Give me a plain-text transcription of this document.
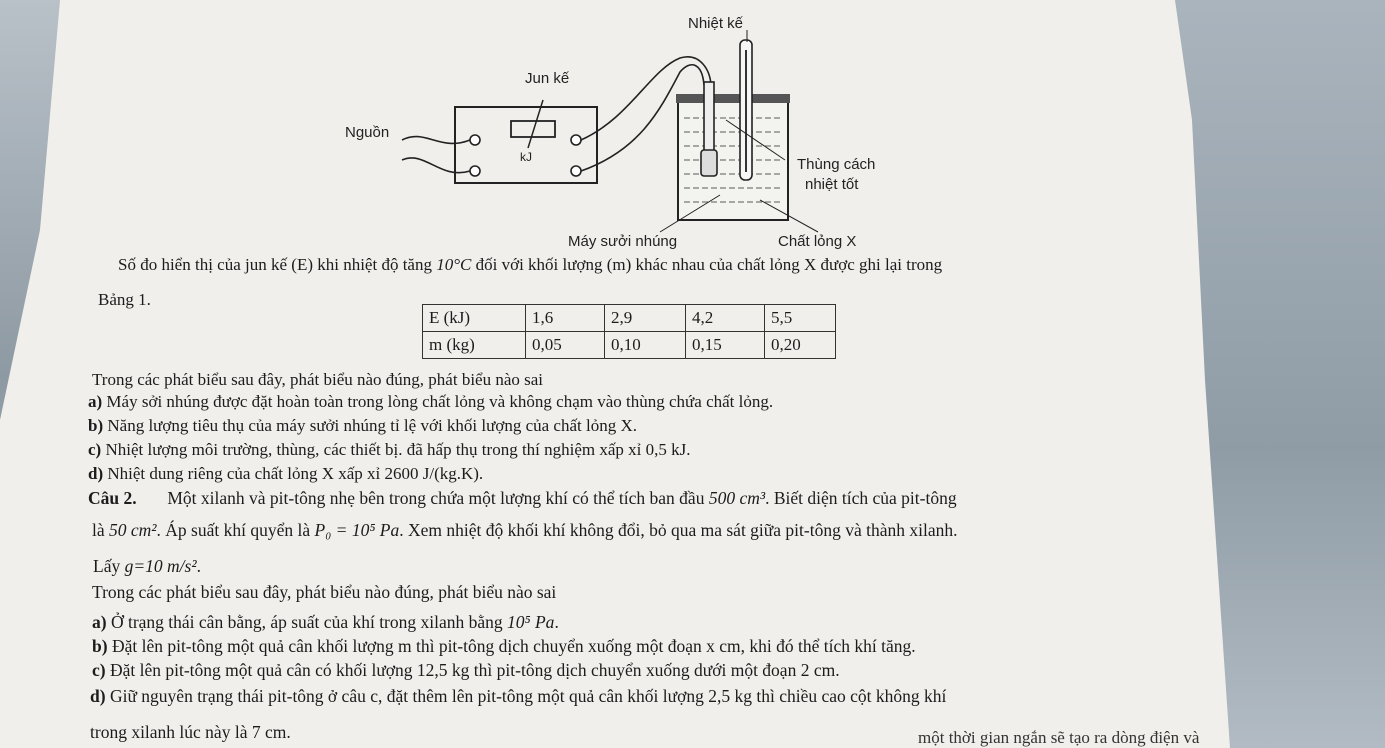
Nhiệt kế
Jun kế
Nguồn
kJ	Thùng cách
nhiệt tốt
Máy sưởi nhúng	Chất lỏng X
Số đo hiển thị của jun kế (E) khi nhiệt độ tăng 10°C đối với khối lượng (m) khác nhau của chất lỏng X được ghi lại trong
Bảng 1.
E (kJ)	1,6	2,9	4,2	5,5
m (kg)	0,05	0,10	0,15	0,20
Trong các phát biểu sau đây, phát biểu nào đúng, phát biểu nào sai
a) Máy sởi nhúng được đặt hoàn toàn trong lòng chất lỏng và không chạm vào thùng chứa chất lỏng.
b) Năng lượng tiêu thụ của máy sưởi nhúng tỉ lệ với khối lượng của chất lỏng X.
c) Nhiệt lượng môi trường, thùng, các thiết bị. đã hấp thụ trong thí nghiệm xấp xỉ 0,5 kJ.
d) Nhiệt dung riêng của chất lỏng X xấp xỉ 2600 J/(kg.K).
Câu 2. Một xilanh và pit-tông nhẹ bên trong chứa một lượng khí có thể tích ban đầu 500 cm³. Biết diện tích của pit-tông
là 50 cm². Áp suất khí quyển là P₀ = 10⁵ Pa. Xem nhiệt độ khối khí không đổi, bỏ qua ma sát giữa pit-tông và thành xilanh.
Lấy g=10 m/s².
Trong các phát biểu sau đây, phát biểu nào đúng, phát biểu nào sai
a) Ở trạng thái cân bằng, áp suất của khí trong xilanh bằng 10⁵ Pa.
b) Đặt lên pit-tông một quả cân khối lượng m thì pit-tông dịch chuyển xuống một đoạn x cm, khi đó thể tích khí tăng.
c) Đặt lên pit-tông một quả cân có khối lượng 12,5 kg thì pit-tông dịch chuyển xuống dưới một đoạn 2 cm.
d) Giữ nguyên trạng thái pit-tông ở câu c, đặt thêm lên pit-tông một quả cân khối lượng 2,5 kg thì chiều cao cột không khí
trong xilanh lúc này là 7 cm.	một thời gian ngắn sẽ tạo ra dòng điện và
